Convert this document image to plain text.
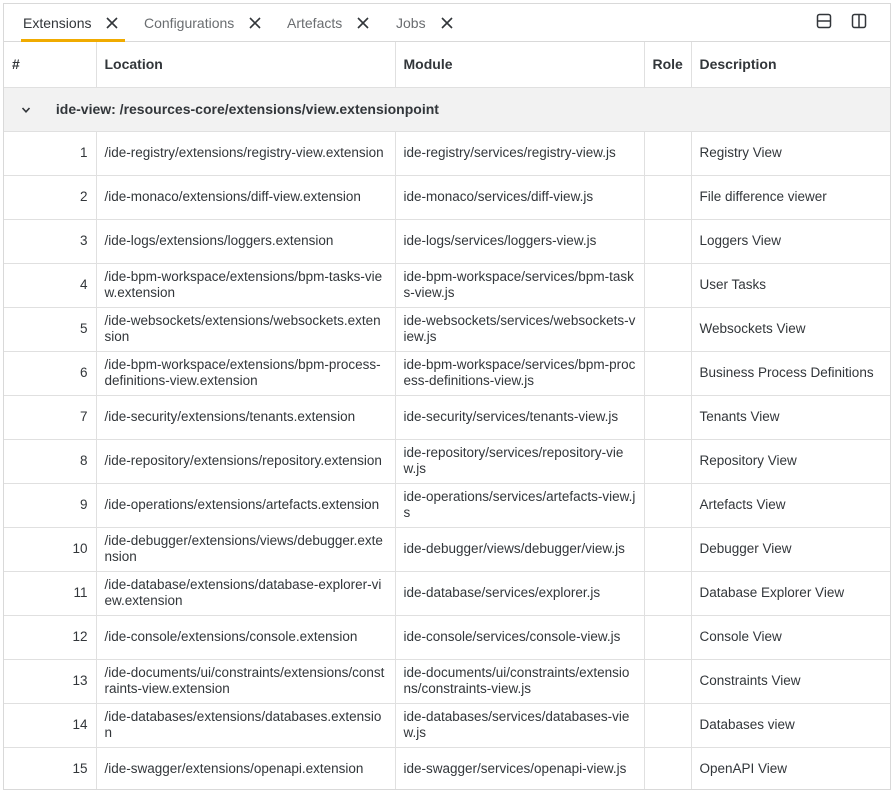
Extensions	Configurations	Artefacts	Jobs
#	Location	Module	Role	Description

ide-view: /resources-core/extensions/view.extensionpoint				

1	/ide-registry/extensions/registry-view.extension	ide-registry/services/registry-view.js		Registry View

2	/ide-monaco/extensions/diff-view.extension	ide-monaco/services/diff-view.js		File difference viewer

3	/ide-logs/extensions/loggers.extension	ide-logs/services/loggers-view.js		Loggers View

4	/ide-bpm-workspace/extensions/bpm-tasks-view.extension	ide-bpm-workspace/services/bpm-tasks-view.js		User Tasks

5	/ide-websockets/extensions/websockets.extension	ide-websockets/services/websockets-view.js		Websockets View

6	/ide-bpm-workspace/extensions/bpm-process-definitions-view.extension	ide-bpm-workspace/services/bpm-process-definitions-view.js		Business Process Definitions

7	/ide-security/extensions/tenants.extension	ide-security/services/tenants-view.js		Tenants View

8	/ide-repository/extensions/repository.extension	ide-repository/services/repository-view.js		Repository View

9	/ide-operations/extensions/artefacts.extension	ide-operations/services/artefacts-view.js		Artefacts View

10	/ide-debugger/extensions/views/debugger.extension	ide-debugger/views/debugger/view.js		Debugger View

11	/ide-database/extensions/database-explorer-view.extension	ide-database/services/explorer.js		Database Explorer View

12	/ide-console/extensions/console.extension	ide-console/services/console-view.js		Console View

13	/ide-documents/ui/constraints/extensions/constraints-view.extension	ide-documents/ui/constraints/extensions/constraints-view.js		Constraints View

14	/ide-databases/extensions/databases.extension	ide-databases/services/databases-view.js		Databases view

15	/ide-swagger/extensions/openapi.extension	ide-swagger/services/openapi-view.js		OpenAPI View
